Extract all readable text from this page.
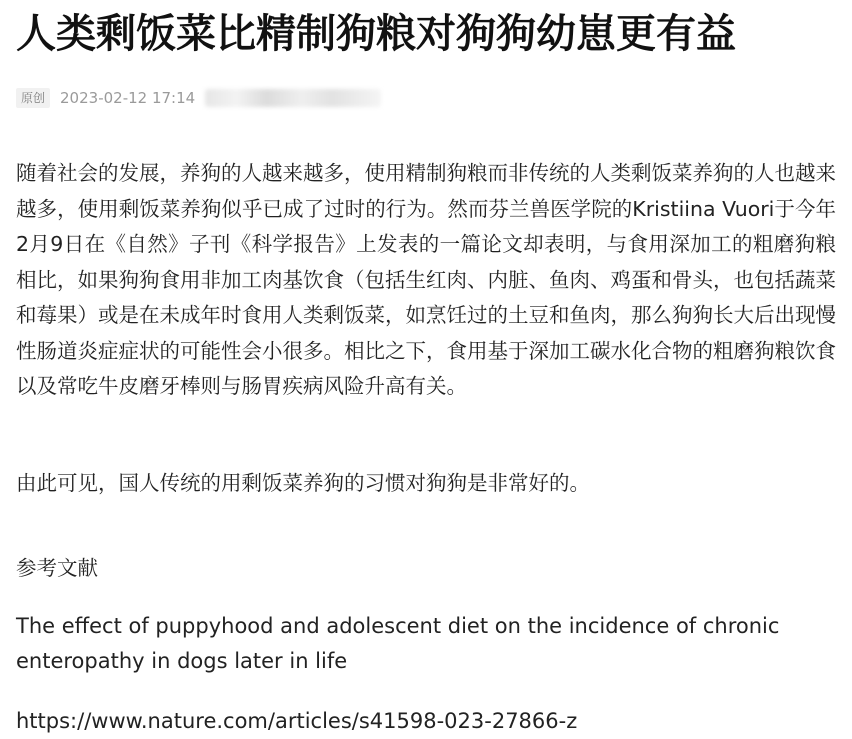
人类剩饭菜比精制狗粮对狗狗幼崽更有益
原创	2023-02-12 17:14

随着社会的发展，养狗的人越来越多，使用精制狗粮而非传统的人类剩饭菜养狗的人也越来越多，使用剩饭菜养狗似乎已成了过时的行为。然而芬兰兽医学院的Kristiina Vuori于今年2月9日在《自然》子刊《科学报告》上发表的一篇论文却表明，与食用深加工的粗磨狗粮相比，如果狗狗食用非加工肉基饮食（包括生红肉、内脏、鱼肉、鸡蛋和骨头，也包括蔬菜和莓果）或是在未成年时食用人类剩饭菜，如烹饪过的土豆和鱼肉，那么狗狗长大后出现慢性肠道炎症症状的可能性会小很多。相比之下，食用基于深加工碳水化合物的粗磨狗粮饮食以及常吃牛皮磨牙棒则与肠胃疾病风险升高有关。

由此可见，国人传统的用剩饭菜养狗的习惯对狗狗是非常好的。

参考文献

The effect of puppyhood and adolescent diet on the incidence of chronic enteropathy in dogs later in life

https://www.nature.com/articles/s41598-023-27866-z
